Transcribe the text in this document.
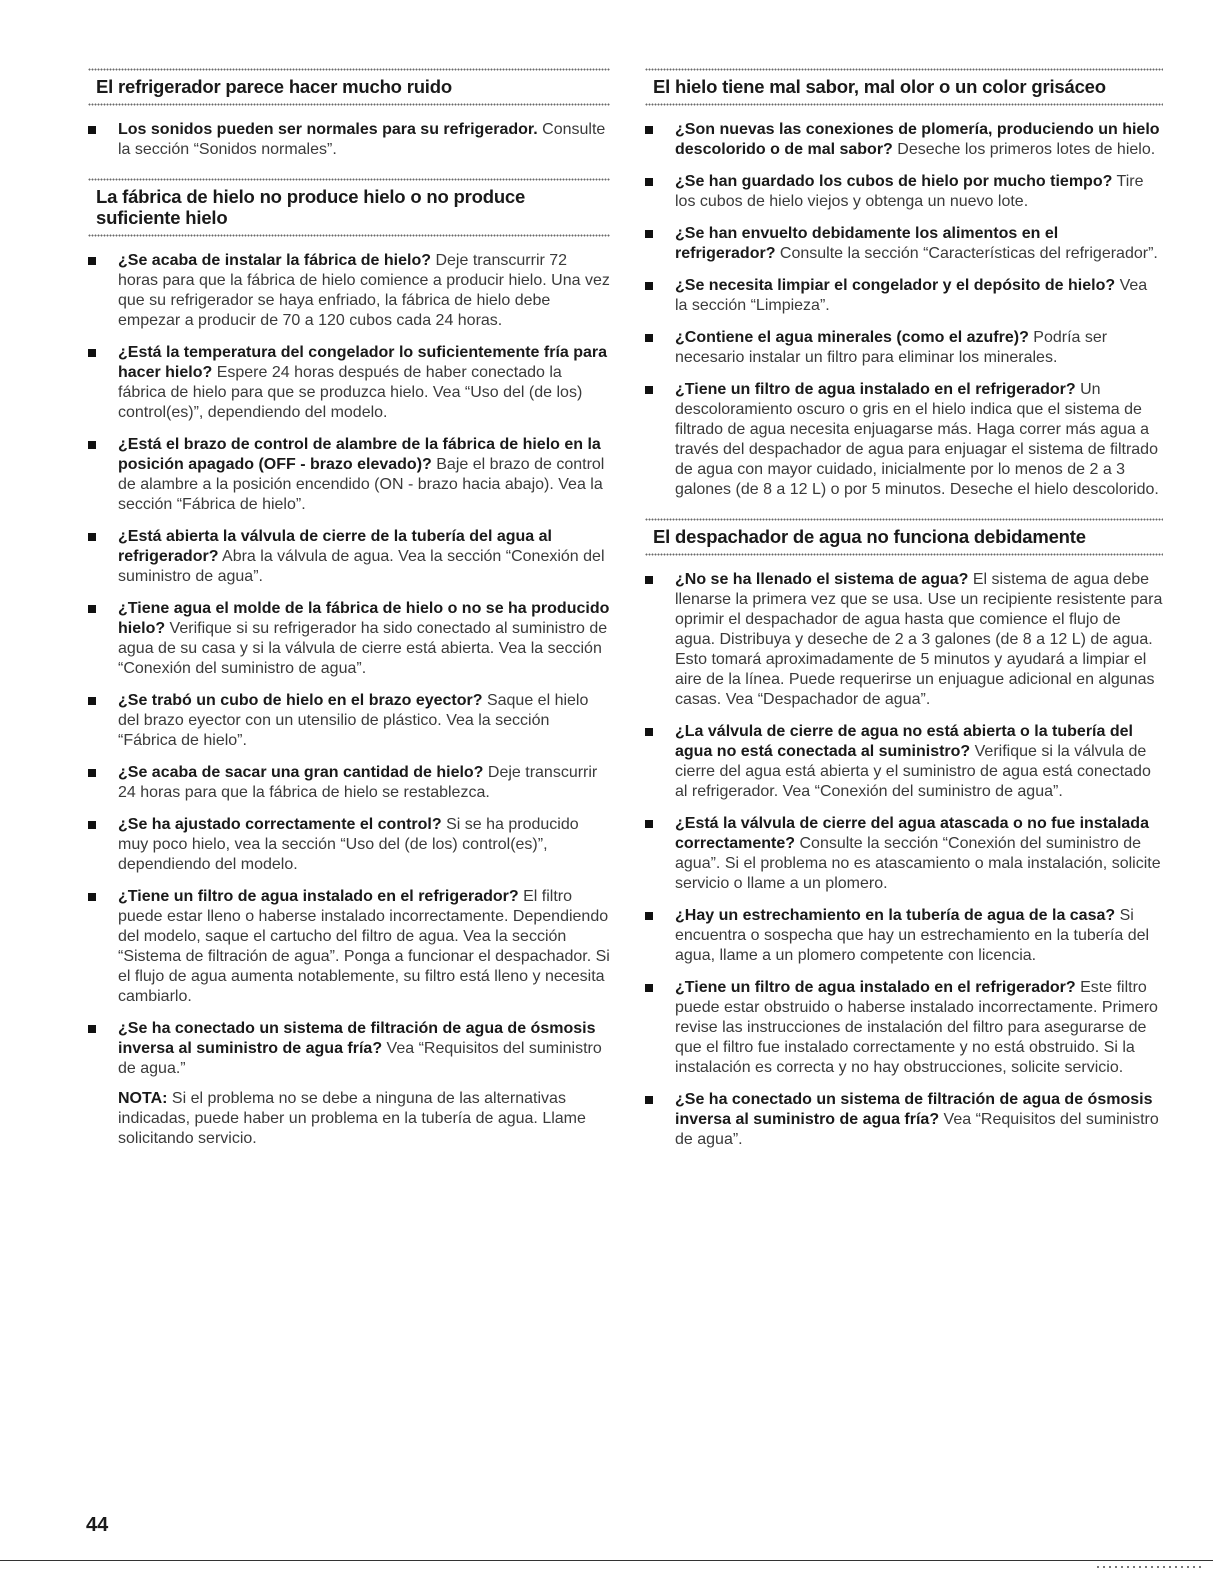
El refrigerador parece hacer mucho ruido
Los sonidos pueden ser normales para su refrigerador. Consulte la sección “Sonidos normales”.
La fábrica de hielo no produce hielo o no produce suficiente hielo
¿Se acaba de instalar la fábrica de hielo? Deje transcurrir 72 horas para que la fábrica de hielo comience a producir hielo. Una vez que su refrigerador se haya enfriado, la fábrica de hielo debe empezar a producir de 70 a 120 cubos cada 24 horas.
¿Está la temperatura del congelador lo suficientemente fría para hacer hielo? Espere 24 horas después de haber conectado la fábrica de hielo para que se produzca hielo. Vea “Uso del (de los) control(es)”, dependiendo del modelo.
¿Está el brazo de control de alambre de la fábrica de hielo en la posición apagado (OFF - brazo elevado)? Baje el brazo de control de alambre a la posición encendido (ON - brazo hacia abajo). Vea la sección “Fábrica de hielo”.
¿Está abierta la válvula de cierre de la tubería del agua al refrigerador? Abra la válvula de agua. Vea la sección “Conexión del suministro de agua”.
¿Tiene agua el molde de la fábrica de hielo o no se ha producido hielo? Verifique si su refrigerador ha sido conectado al suministro de agua de su casa y si la válvula de cierre está abierta. Vea la sección “Conexión del suministro de agua”.
¿Se trabó un cubo de hielo en el brazo eyector? Saque el hielo del brazo eyector con un utensilio de plástico. Vea la sección “Fábrica de hielo”.
¿Se acaba de sacar una gran cantidad de hielo? Deje transcurrir 24 horas para que la fábrica de hielo se restablezca.
¿Se ha ajustado correctamente el control? Si se ha producido muy poco hielo, vea la sección “Uso del (de los) control(es)”, dependiendo del modelo.
¿Tiene un filtro de agua instalado en el refrigerador? El filtro puede estar lleno o haberse instalado incorrectamente. Dependiendo del modelo, saque el cartucho del filtro de agua. Vea la sección “Sistema de filtración de agua”. Ponga a funcionar el despachador. Si el flujo de agua aumenta notablemente, su filtro está lleno y necesita cambiarlo.
¿Se ha conectado un sistema de filtración de agua de ósmosis inversa al suministro de agua fría? Vea “Requisitos del suministro de agua.”
NOTA: Si el problema no se debe a ninguna de las alternativas indicadas, puede haber un problema en la tubería de agua. Llame solicitando servicio.
El hielo tiene mal sabor, mal olor o un color grisáceo
¿Son nuevas las conexiones de plomería, produciendo un hielo descolorido o de mal sabor? Deseche los primeros lotes de hielo.
¿Se han guardado los cubos de hielo por mucho tiempo? Tire los cubos de hielo viejos y obtenga un nuevo lote.
¿Se han envuelto debidamente los alimentos en el refrigerador? Consulte la sección “Características del refrigerador”.
¿Se necesita limpiar el congelador y el depósito de hielo? Vea la sección “Limpieza”.
¿Contiene el agua minerales (como el azufre)? Podría ser necesario instalar un filtro para eliminar los minerales.
¿Tiene un filtro de agua instalado en el refrigerador? Un descoloramiento oscuro o gris en el hielo indica que el sistema de filtrado de agua necesita enjuagarse más. Haga correr más agua a través del despachador de agua para enjuagar el sistema de filtrado de agua con mayor cuidado, inicialmente por lo menos de 2 a 3 galones (de 8 a 12 L) o por 5 minutos. Deseche el hielo descolorido.
El despachador de agua no funciona debidamente
¿No se ha llenado el sistema de agua? El sistema de agua debe llenarse la primera vez que se usa. Use un recipiente resistente para oprimir el despachador de agua hasta que comience el flujo de agua. Distribuya y deseche de 2 a 3 galones (de 8 a 12 L) de agua. Esto tomará aproximadamente de 5 minutos y ayudará a limpiar el aire de la línea. Puede requerirse un enjuague adicional en algunas casas. Vea “Despachador de agua”.
¿La válvula de cierre de agua no está abierta o la tubería del agua no está conectada al suministro? Verifique si la válvula de cierre del agua está abierta y el suministro de agua está conectado al refrigerador. Vea “Conexión del suministro de agua”.
¿Está la válvula de cierre del agua atascada o no fue instalada correctamente? Consulte la sección “Conexión del suministro de agua”. Si el problema no es atascamiento o mala instalación, solicite servicio o llame a un plomero.
¿Hay un estrechamiento en la tubería de agua de la casa? Si encuentra o sospecha que hay un estrechamiento en la tubería del agua, llame a un plomero competente con licencia.
¿Tiene un filtro de agua instalado en el refrigerador? Este filtro puede estar obstruido o haberse instalado incorrectamente. Primero revise las instrucciones de instalación del filtro para asegurarse de que el filtro fue instalado correctamente y no está obstruido. Si la instalación es correcta y no hay obstrucciones, solicite servicio.
¿Se ha conectado un sistema de filtración de agua de ósmosis inversa al suministro de agua fría? Vea “Requisitos del suministro de agua”.
44
